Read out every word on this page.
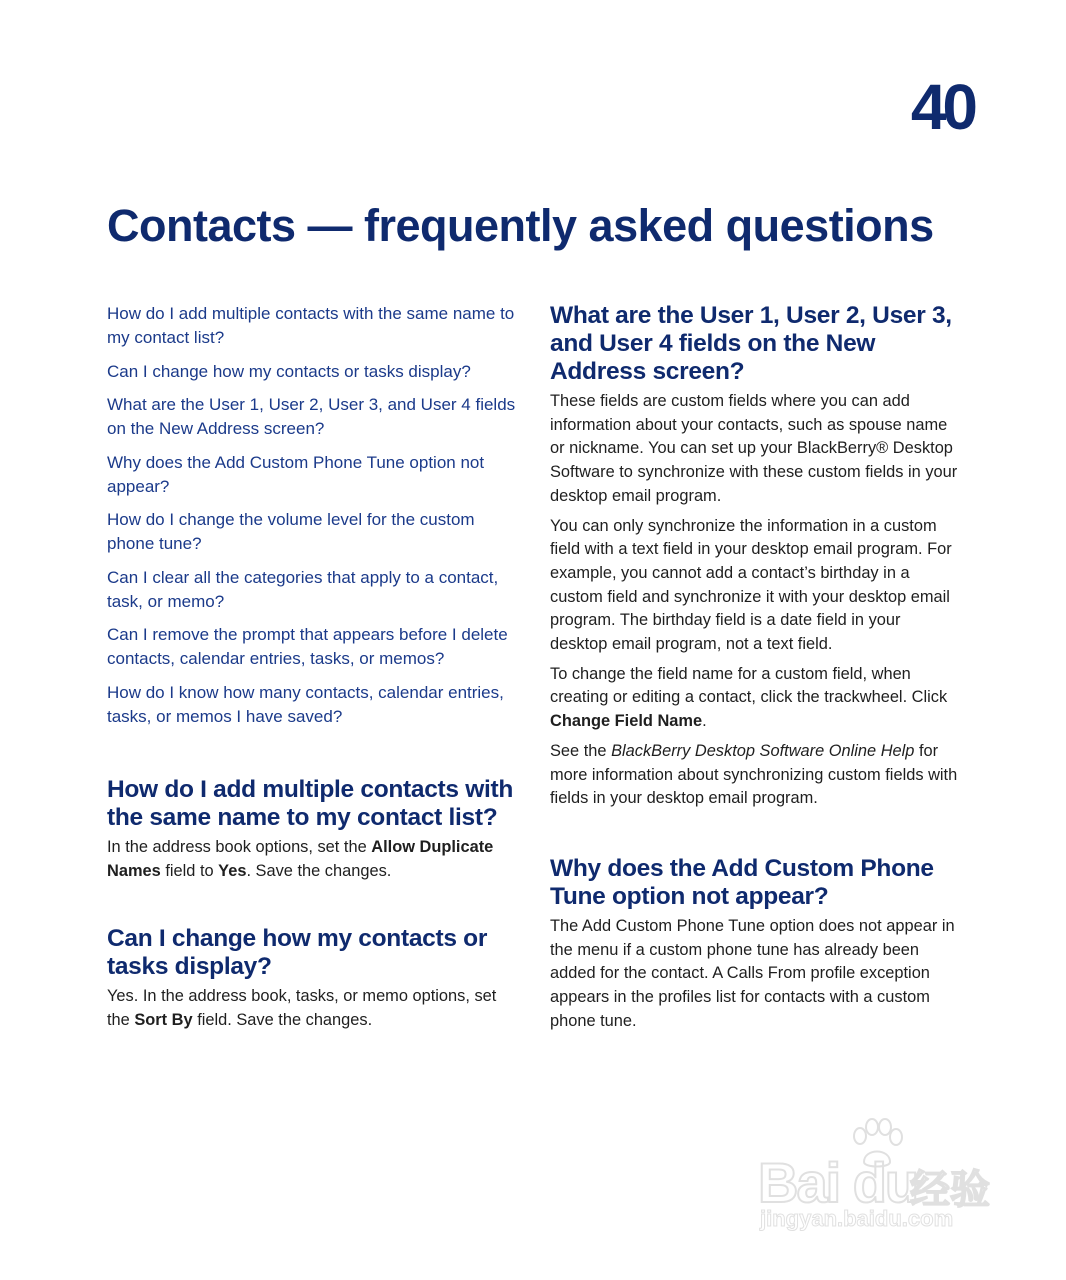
40
Contacts — frequently asked questions
How do I add multiple contacts with the same name to my contact list?
Can I change how my contacts or tasks display?
What are the User 1, User 2, User 3, and User 4 fields on the New Address screen?
Why does the Add Custom Phone Tune option not appear?
How do I change the volume level for the custom phone tune?
Can I clear all the categories that apply to a contact, task, or memo?
Can I remove the prompt that appears before I delete contacts, calendar entries, tasks, or memos?
How do I know how many contacts, calendar entries, tasks, or memos I have saved?
How do I add multiple contacts with the same name to my contact list?

In the address book options, set the Allow Duplicate Names field to Yes. Save the changes.

Can I change how my contacts or tasks display?

Yes. In the address book, tasks, or memo options, set the Sort By field. Save the changes.

What are the User 1, User 2, User 3, and User 4 fields on the New Address screen?

These fields are custom fields where you can add information about your contacts, such as spouse name or nickname. You can set up your BlackBerry® Desktop Software to synchronize with these custom fields in your desktop email program.

You can only synchronize the information in a custom field with a text field in your desktop email program. For example, you cannot add a contact’s birthday in a custom field and synchronize it with your desktop email program. The birthday field is a date field in your desktop email program, not a text field.

To change the field name for a custom field, when creating or editing a contact, click the trackwheel. Click Change Field Name.

See the BlackBerry Desktop Software Online Help for more information about synchronizing custom fields with fields in your desktop email program.

Why does the Add Custom Phone Tune option not appear?

The Add Custom Phone Tune option does not appear in the menu if a custom phone tune has already been added for the contact. A Calls From profile exception appears in the profiles list for contacts with a custom phone tune.

Bai du
经验
jingyan.baidu.com
